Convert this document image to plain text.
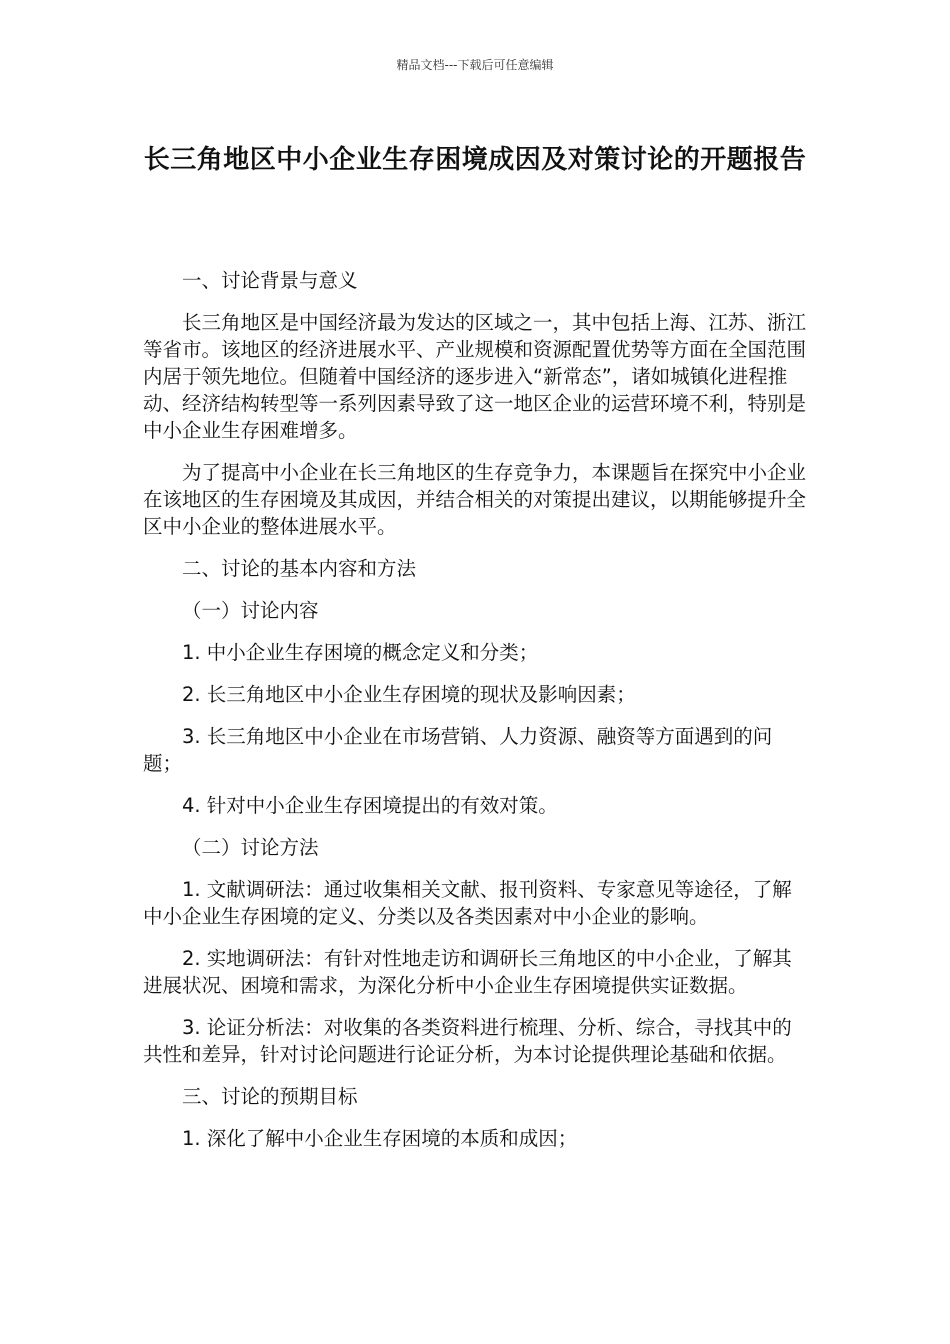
精品文档---下载后可任意编辑
长三角地区中小企业生存困境成因及对策讨论的开题报告

一、讨论背景与意义

长三角地区是中国经济最为发达的区域之一，其中包括上海、江苏、浙江等省市。该地区的经济进展水平、产业规模和资源配置优势等方面在全国范围内居于领先地位。但随着中国经济的逐步进入“新常态”，诸如城镇化进程推动、经济结构转型等一系列因素导致了这一地区企业的运营环境不利，特别是中小企业生存困难增多。

为了提高中小企业在长三角地区的生存竞争力，本课题旨在探究中小企业在该地区的生存困境及其成因，并结合相关的对策提出建议，以期能够提升全区中小企业的整体进展水平。

二、讨论的基本内容和方法

（一）讨论内容

1. 中小企业生存困境的概念定义和分类；

2. 长三角地区中小企业生存困境的现状及影响因素；

3. 长三角地区中小企业在市场营销、人力资源、融资等方面遇到的问题；

4. 针对中小企业生存困境提出的有效对策。

（二）讨论方法

1. 文献调研法：通过收集相关文献、报刊资料、专家意见等途径，了解中小企业生存困境的定义、分类以及各类因素对中小企业的影响。

2. 实地调研法：有针对性地走访和调研长三角地区的中小企业，了解其进展状况、困境和需求，为深化分析中小企业生存困境提供实证数据。

3. 论证分析法：对收集的各类资料进行梳理、分析、综合，寻找其中的共性和差异，针对讨论问题进行论证分析，为本讨论提供理论基础和依据。

三、讨论的预期目标

1. 深化了解中小企业生存困境的本质和成因；
